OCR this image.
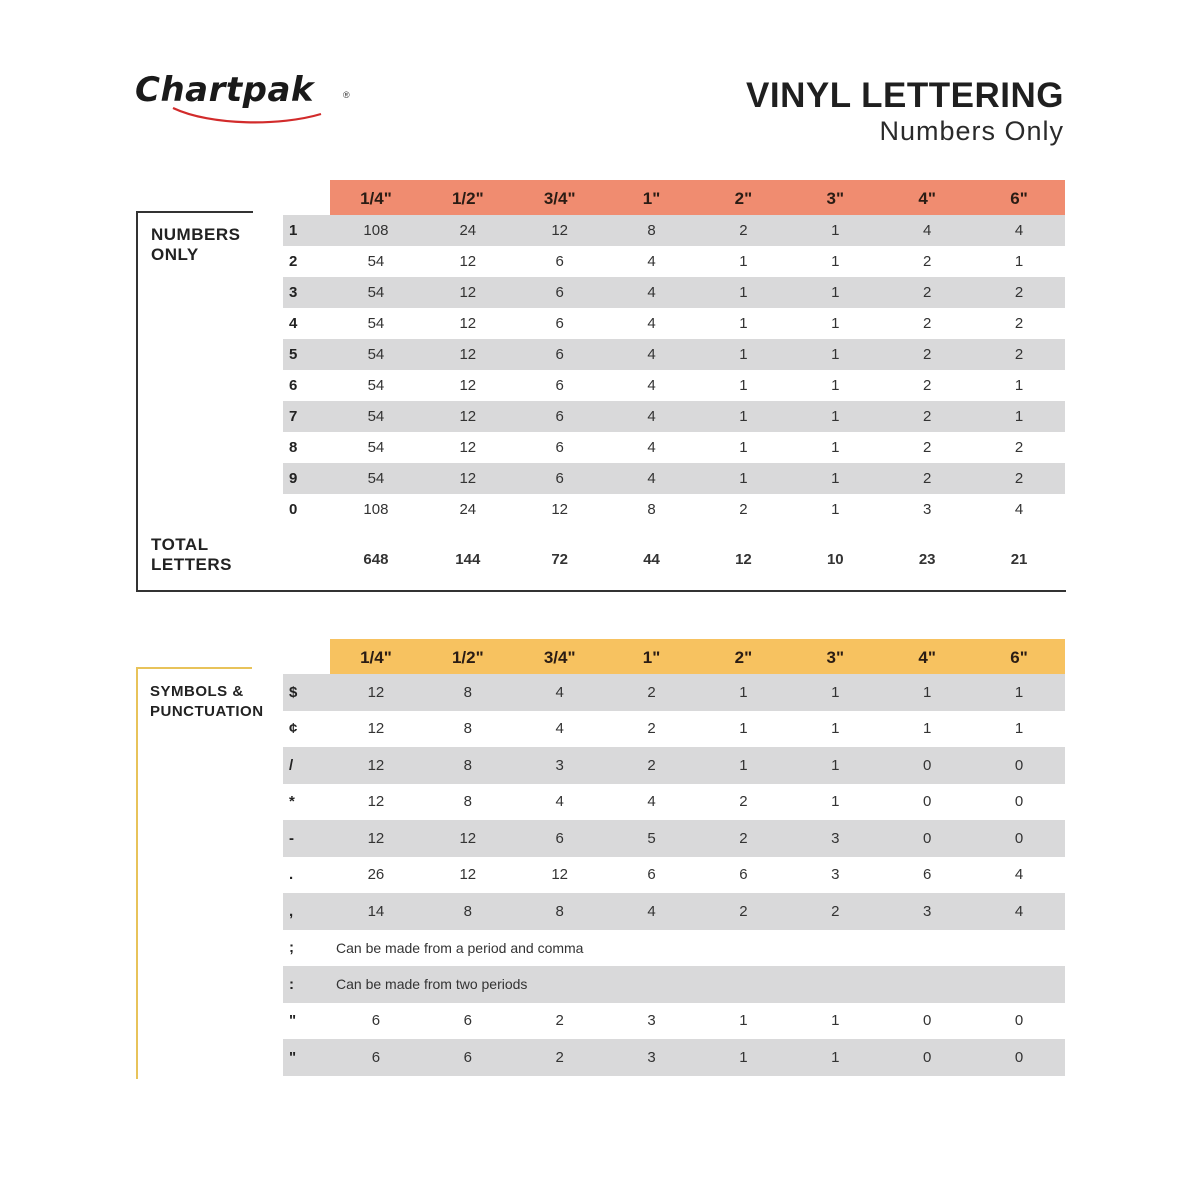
Chartpak	®	VINYL LETTERING
Numbers Only
NUMBERS
ONLY
1/4"	1/2"	3/4"	1"	2"	3"	4"	6"
1	108	24	12	8	2	1	4	4
2	54	12	6	4	1	1	2	1
3	54	12	6	4	1	1	2	2
4	54	12	6	4	1	1	2	2
5	54	12	6	4	1	1	2	2
6	54	12	6	4	1	1	2	1
7	54	12	6	4	1	1	2	1
8	54	12	6	4	1	1	2	2
9	54	12	6	4	1	1	2	2
0	108	24	12	8	2	1	3	4
TOTAL
LETTERS	648	144	72	44	12	10	23	21
SYMBOLS &
PUNCTUATION
1/4"	1/2"	3/4"	1"	2"	3"	4"	6"
$	12	8	4	2	1	1	1	1
¢	12	8	4	2	1	1	1	1
/	12	8	3	2	1	1	0	0
*	12	8	4	4	2	1	0	0
-	12	12	6	5	2	3	0	0
.	26	12	12	6	6	3	6	4
,	14	8	8	4	2	2	3	4
;	Can be made from a period and comma
:	Can be made from two periods
"	6	6	2	3	1	1	0	0
"	6	6	2	3	1	1	0	0
